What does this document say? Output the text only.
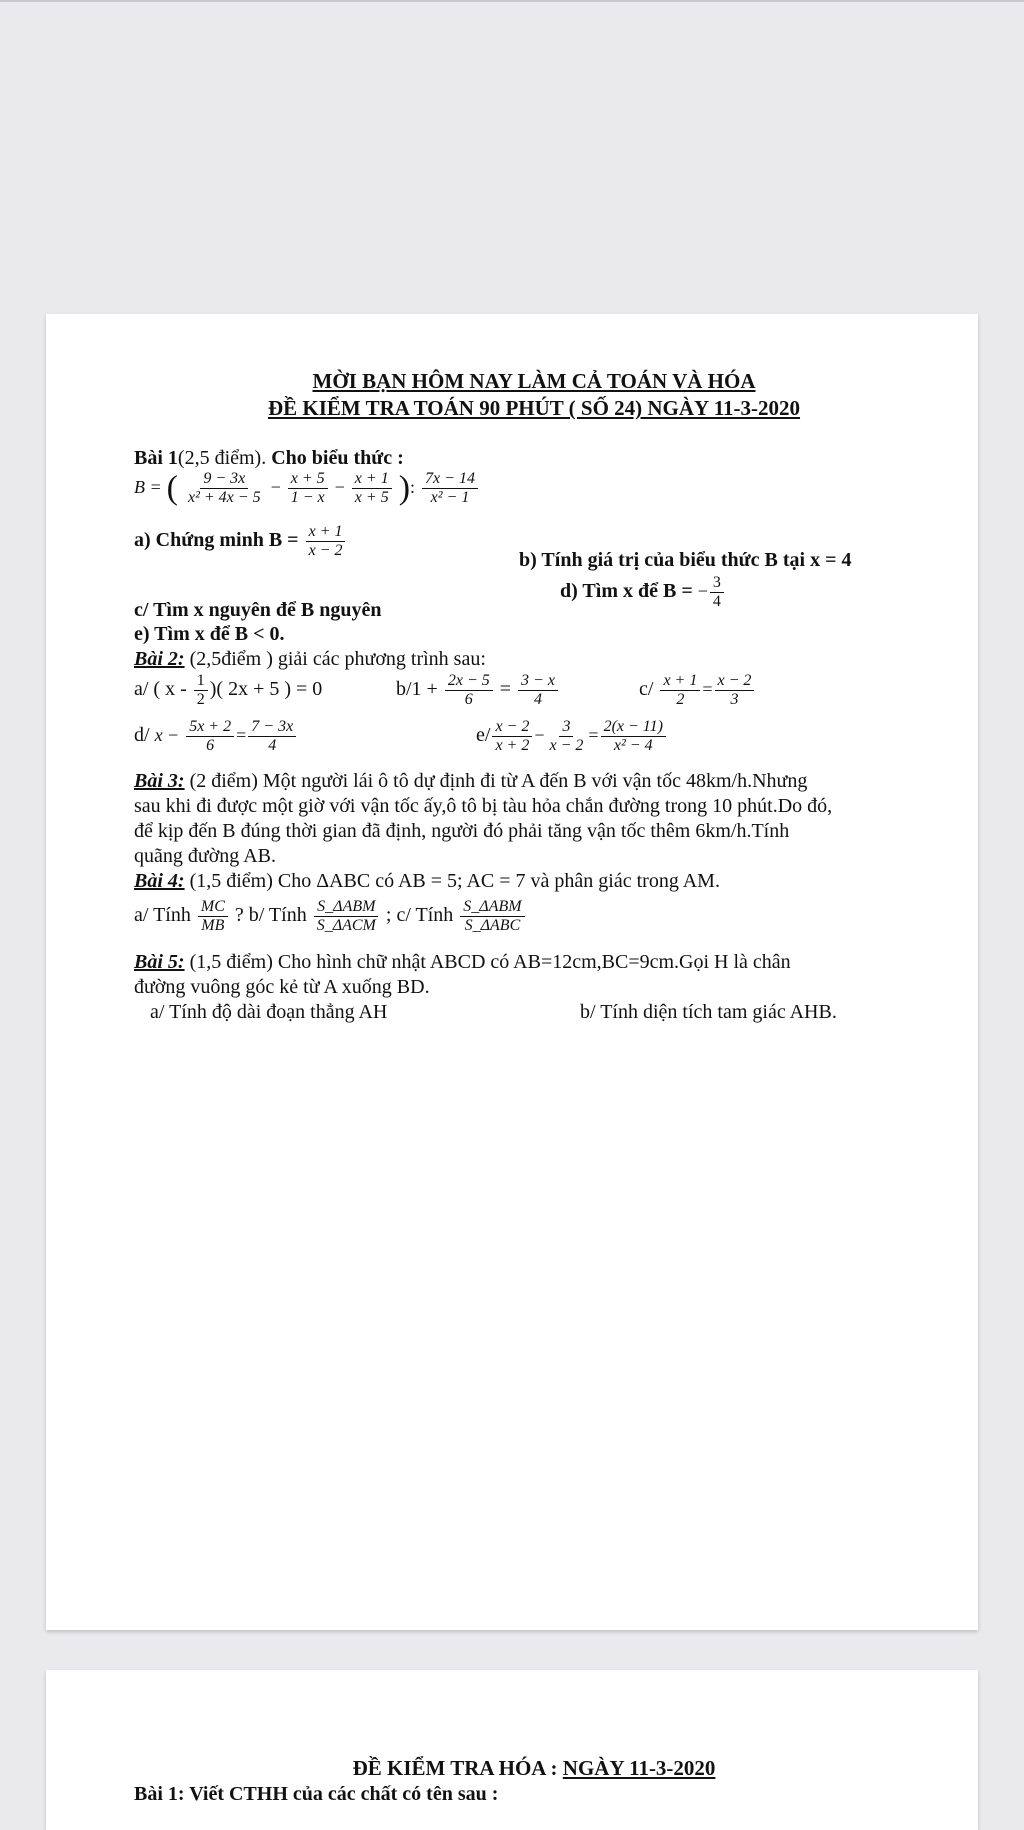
MỜI BẠN HÔM NAY LÀM CẢ TOÁN VÀ HÓA
ĐỀ KIỂM TRA TOÁN 90 PHÚT ( SỐ 24) NGÀY 11-3-2020
Bài 1(2,5 điểm). Cho biểu thức :
B = ( $\frac{9 - 3x}{\text{x² + 4x − 5}} - \frac{x + 5}{1 - x} - \frac{x + 1}{x + 5}$ ): $\frac{7x - 14}{\text{x² − 1}}$
a) Chứng minh $B = \frac{x + 1}{x - 2}$	b) Tính giá trị của biểu thức B tại x = 4
c/ Tìm x nguyên để B nguyên
d) Tìm x để B = − $\frac{3}{4}$
e) Tìm x để B < 0.
Bài 2: (2,5điểm ) giải các phương trình sau:
a/ ( x - $\frac{1}{2}$ )( 2x + 5 ) = 0	$b/1 + \frac{2x - 5}{6} = \frac{3 - x}{4}$	$c/ \frac{x + 1}{2} = \frac{x - 2}{3}$
d/ $x - \frac{5x + 2}{6} = \frac{7 - 3x}{4}$	$e/ \frac{x - 2}{x + 2} - \frac{3}{x - 2} = \frac{2(x - 11)}{\text{x² − 4}}$
Bài 3: (2 điểm) Một người lái ô tô dự định đi từ A đến B với vận tốc 48km/h.Nhưng
sau khi đi được một giờ với vận tốc ấy,ô tô bị tàu hỏa chắn đường trong 10 phút.Do đó,
để kịp đến B đúng thời gian đã định, người đó phải tăng vận tốc thêm 6km/h.Tính
quãng đường AB.
Bài 4: (1,5 điểm) Cho ΔABC có AB = 5; AC = 7 và phân giác trong AM.
a/ Tính $\frac{MC}{MB}$ ? b/ Tính $\frac{\text{S\_ΔABM}}{\text{S\_ΔACM}}$ ; c/ Tính $\frac{\text{S\_ΔABM}}{\text{S\_ΔABC}}$
Bài 5: (1,5 điểm) Cho hình chữ nhật ABCD có AB=12cm,BC=9cm.Gọi H là chân
đường vuông góc kẻ từ A xuống BD.
a/ Tính độ dài đoạn thẳng AH	b/ Tính diện tích tam giác AHB.
ĐỀ KIỂM TRA HÓA : NGÀY 11-3-2020
Bài 1: Viết CTHH của các chất có tên sau :
